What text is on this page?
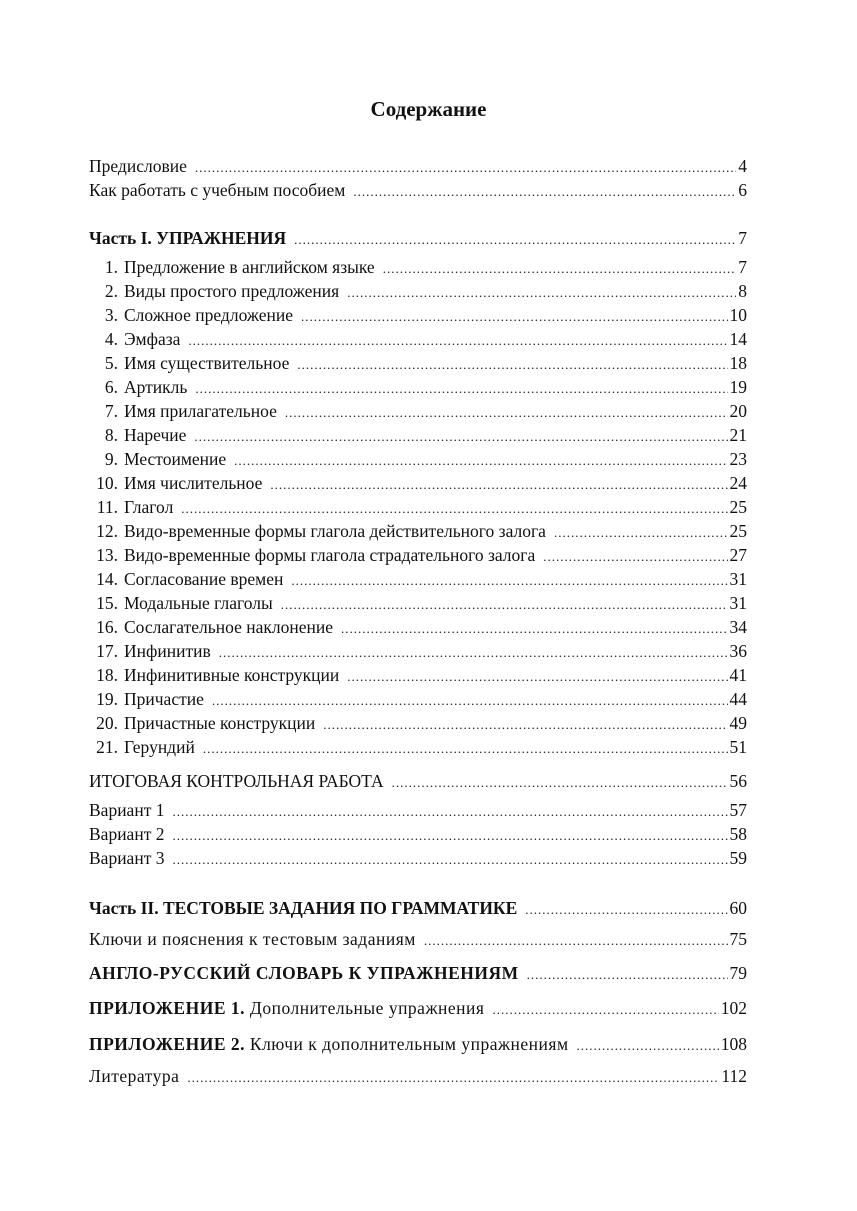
Содержание
Предисловие .....	4
Как работать с учебным пособием .....	6
Часть I. УПРАЖНЕНИЯ .....	7
1. Предложение в английском языке .....	7
2. Виды простого предложения .....	8
3. Сложное предложение .....	10
4. Эмфаза .....	14
5. Имя существительное .....	18
6. Артикль .....	19
7. Имя прилагательное .....	20
8. Наречие .....	21
9. Местоимение .....	23
10. Имя числительное .....	24
11. Глагол .....	25
12. Видо-временные формы глагола действительного залога .....	25
13. Видо-временные формы глагола страдательного залога .....	27
14. Согласование времен .....	31
15. Модальные глаголы .....	31
16. Сослагательное наклонение .....	34
17. Инфинитив .....	36
18. Инфинитивные конструкции .....	41
19. Причастие .....	44
20. Причастные конструкции .....	49
21. Герундий .....	51
ИТОГОВАЯ КОНТРОЛЬНАЯ РАБОТА .....	56
Вариант 1 .....	57
Вариант 2 .....	58
Вариант 3 .....	59
Часть II. ТЕСТОВЫЕ ЗАДАНИЯ ПО ГРАММАТИКЕ .....	60
Ключи и пояснения к тестовым заданиям .....	75
АНГЛО-РУССКИЙ СЛОВАРЬ К УПРАЖНЕНИЯМ .....	79
ПРИЛОЖЕНИЕ 1. Дополнительные упражнения .....	102
ПРИЛОЖЕНИЕ 2. Ключи к дополнительным упражнениям .....	108
Литература .....	112
